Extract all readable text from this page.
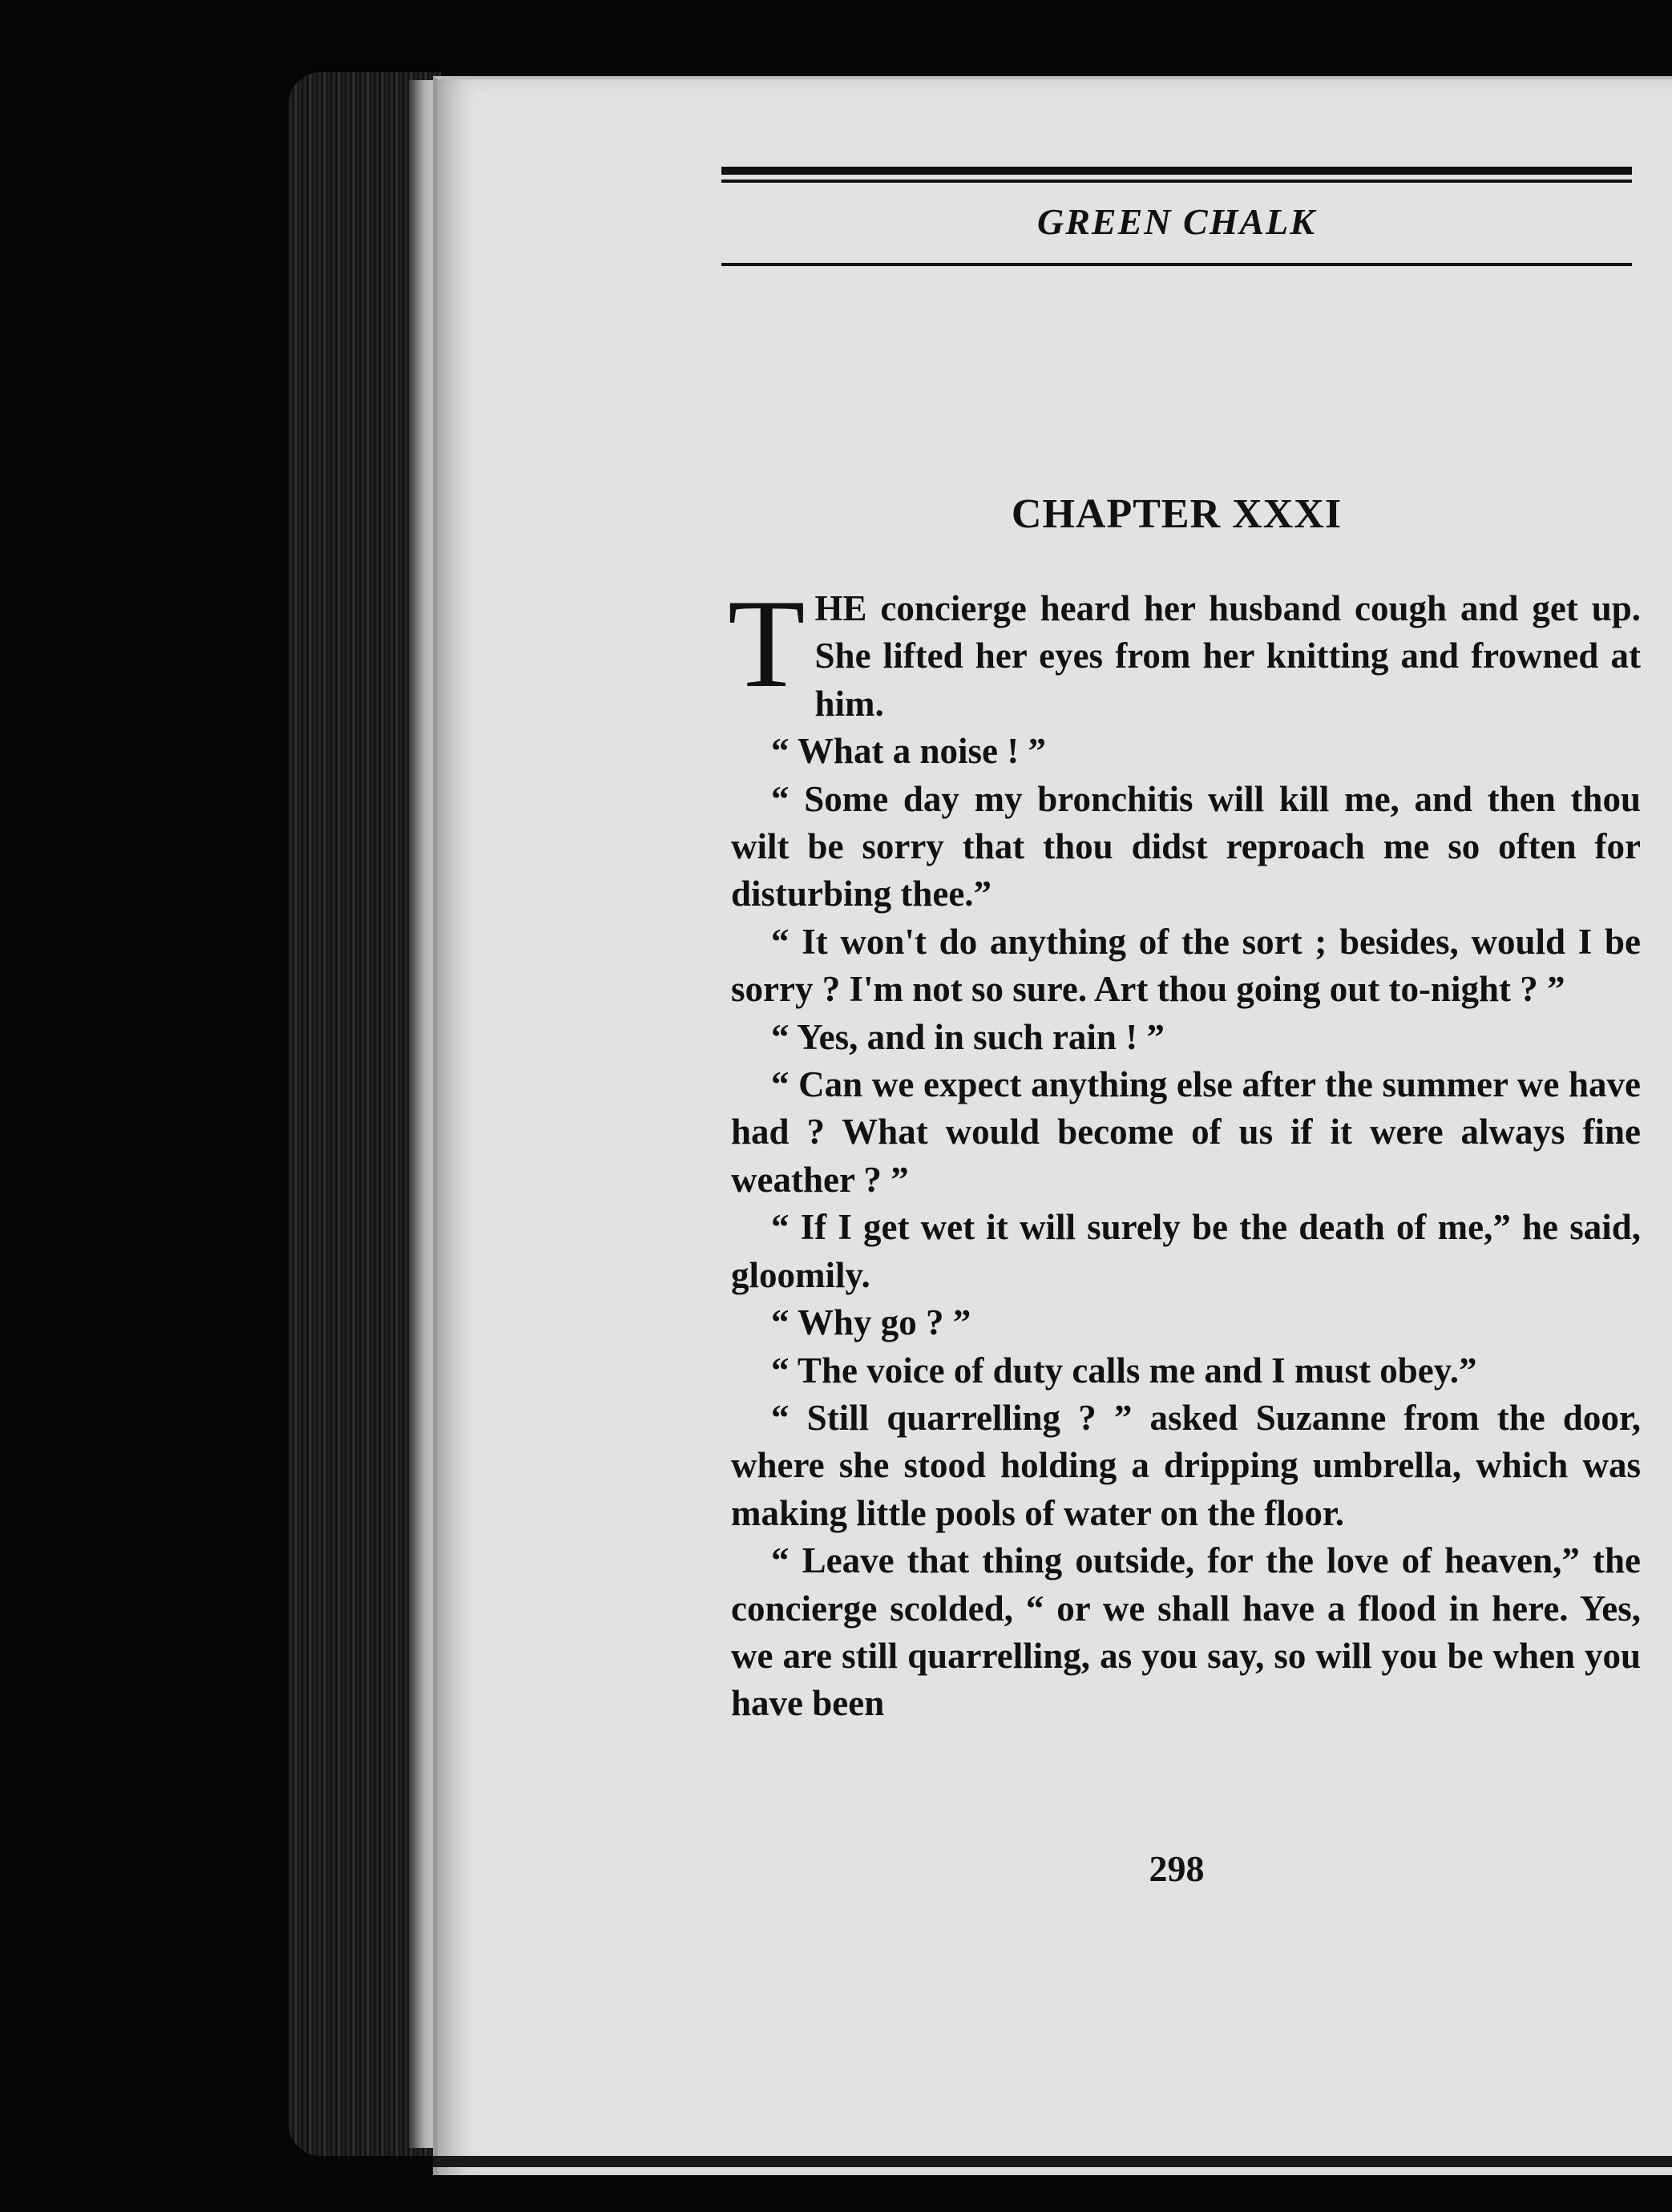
GREEN CHALK
CHAPTER XXXI

THE concierge heard her husband cough and get up. She lifted her eyes from her knitting and frowned at him.

“ What a noise ! ”

“ Some day my bronchitis will kill me, and then thou wilt be sorry that thou didst reproach me so often for disturbing thee.”

“ It won't do anything of the sort ; besides, would I be sorry ? I'm not so sure. Art thou going out to-night ? ”

“ Yes, and in such rain ! ”

“ Can we expect anything else after the summer we have had ? What would become of us if it were always fine weather ? ”

“ If I get wet it will surely be the death of me,” he said, gloomily.

“ Why go ? ”

“ The voice of duty calls me and I must obey.”

“ Still quarrelling ? ” asked Suzanne from the door, where she stood holding a dripping umbrella, which was making little pools of water on the floor.

“ Leave that thing outside, for the love of heaven,” the concierge scolded, “ or we shall have a flood in here. Yes, we are still quarrelling, as you say, so will you be when you have been

298
